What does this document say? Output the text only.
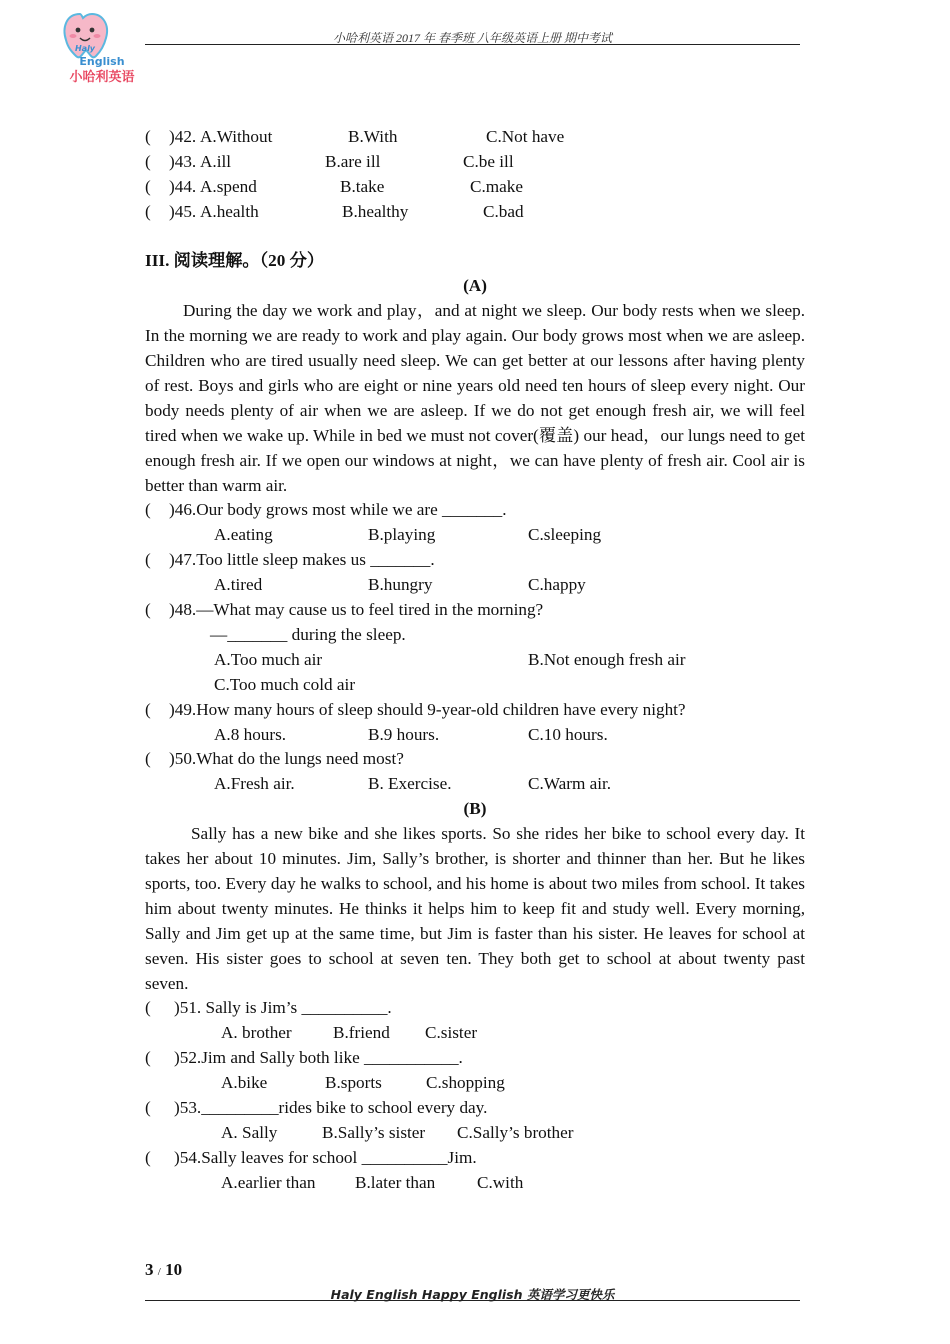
Haly
English
小哈利英语
小哈利英语 2017 年 春季班 八年级英语上册 期中考试
( )42. A.Without	B.With	C.Not have
( )43. A.ill	B.are ill	C.be ill
( )44. A.spend	B.take	C.make
( )45. A.health	B.healthy	C.bad
III. 阅读理解。（20 分）
(A)

During the day we work and play，and at night we sleep. Our body rests when we sleep. In the morning we are ready to work and play again. Our body grows most when we are asleep. Children who are tired usually need sleep. We can get better at our lessons after having plenty of rest. Boys and girls who are eight or nine years old need ten hours of sleep every night. Our body needs plenty of air when we are asleep. If we do not get enough fresh air, we will feel tired when we wake up. While in bed we must not cover(覆盖) our head，our lungs need to get enough fresh air. If we open our windows at night，we can have plenty of fresh air. Cool air is better than warm air.

( )46.Our body grows most while we are _______.
A.eating	B.playing	C.sleeping
( )47.Too little sleep makes us _______.
A.tired	B.hungry	C.happy
( )48.—What may cause us to feel tired in the morning?
—_______ during the sleep.
A.Too much air	B.Not enough fresh air
C.Too much cold air
( )49.How many hours of sleep should 9-year-old children have every night?
A.8 hours.	B.9 hours.	C.10 hours.
( )50.What do the lungs need most?
A.Fresh air.	B. Exercise.	C.Warm air.
(B)

Sally has a new bike and she likes sports. So she rides her bike to school every day. It takes her about 10 minutes. Jim, Sally’s brother, is shorter and thinner than her. But he likes sports, too. Every day he walks to school, and his home is about two miles from school. It takes him about twenty minutes. He thinks it helps him to keep fit and study well. Every morning, Sally and Jim get up at the same time, but Jim is faster than his sister. He leaves for school at seven. His sister goes to school at seven ten. They both get to school at about twenty past seven.

( )51. Sally is Jim’s __________.
A. brother B.friend C.sister
( )52.Jim and Sally both like ___________.
A.bike	B.sports	C.shopping
( )53._________rides bike to school every day.
A. Sally	B.Sally’s sister C.Sally’s brother
( )54.Sally leaves for school __________Jim.
A.earlier than B.later than C.with
3 / 10
Haly English Happy English 英语学习更快乐
